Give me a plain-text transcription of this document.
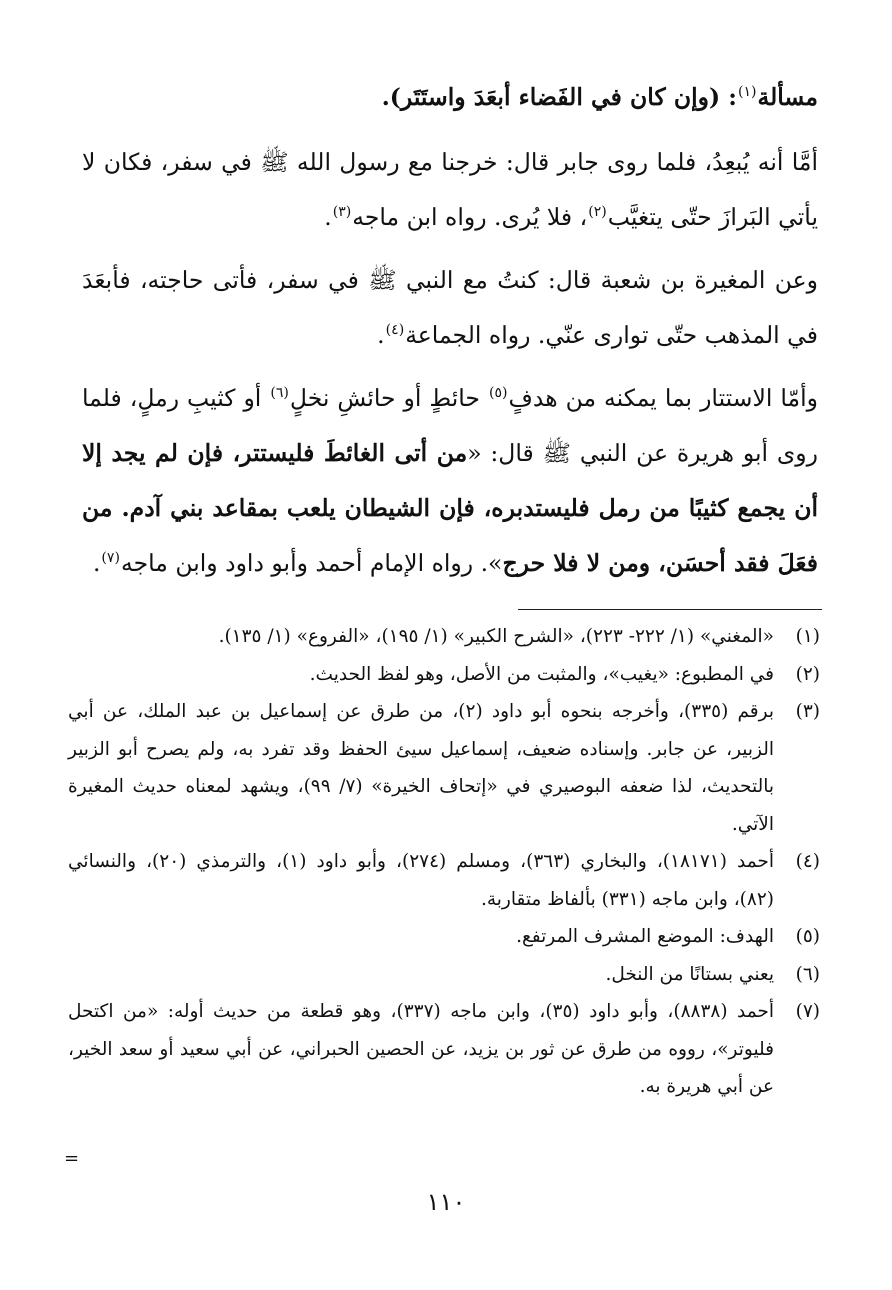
مسألة$^{(١)}$: (وإن كان في الفَضاء أبعَدَ واستَتَر).

أمَّا أنه يُبعِدُ، فلما روى جابر قال: خرجنا مع رسول الله ﷺ في سفر، فكان لا يأتي البَرازَ حتّى يتغيَّب$^{(٢)}$، فلا يُرى. رواه ابن ماجه$^{(٣)}$.

وعن المغيرة بن شعبة قال: كنتُ مع النبي ﷺ في سفر، فأتى حاجته، فأبعَدَ في المذهب حتّى توارى عنّي. رواه الجماعة$^{(٤)}$.

وأمّا الاستتار بما يمكنه من هدفٍ$^{(٥)}$ حائطٍ أو حائشِ نخلٍ$^{(٦)}$ أو كثيبِ رملٍ، فلما روى أبو هريرة عن النبي ﷺ قال: «من أتى الغائطَ فليستتر، فإن لم يجد إلا أن يجمع كثيبًا من رمل فليستدبره، فإن الشيطان يلعب بمقاعد بني آدم. من فعَلَ فقد أحسَن، ومن لا فلا حرج». رواه الإمام أحمد وأبو داود وابن ماجه$^{(٧)}$.

(١)
«المغني» (١/ ٢٢٢- ٢٢٣)، «الشرح الكبير» (١/ ١٩٥)، «الفروع» (١/ ١٣٥).
(٢)
في المطبوع: «يغيب»، والمثبت من الأصل، وهو لفظ الحديث.
(٣)
برقم (٣٣٥)، وأخرجه بنحوه أبو داود (٢)، من طرق عن إسماعيل بن عبد الملك، عن أبي الزبير، عن جابر. وإسناده ضعيف، إسماعيل سيئ الحفظ وقد تفرد به، ولم يصرح أبو الزبير بالتحديث، لذا ضعفه البوصيري في «إتحاف الخيرة» (٧/ ٩٩)، ويشهد لمعناه حديث المغيرة الآتي.
(٤)
أحمد (١٨١٧١)، والبخاري (٣٦٣)، ومسلم (٢٧٤)، وأبو داود (١)، والترمذي (٢٠)، والنسائي (٨٢)، وابن ماجه (٣٣١) بألفاظ متقاربة.
(٥)
الهدف: الموضع المشرف المرتفع.
(٦)
يعني بستانًا من النخل.
(٧)
أحمد (٨٨٣٨)، وأبو داود (٣٥)، وابن ماجه (٣٣٧)، وهو قطعة من حديث أوله: «من اكتحل فليوتر»، رووه من طرق عن ثور بن يزيد، عن الحصين الحبراني، عن أبي سعيد أو سعد الخير، عن أبي هريرة به.
=
١١٠
